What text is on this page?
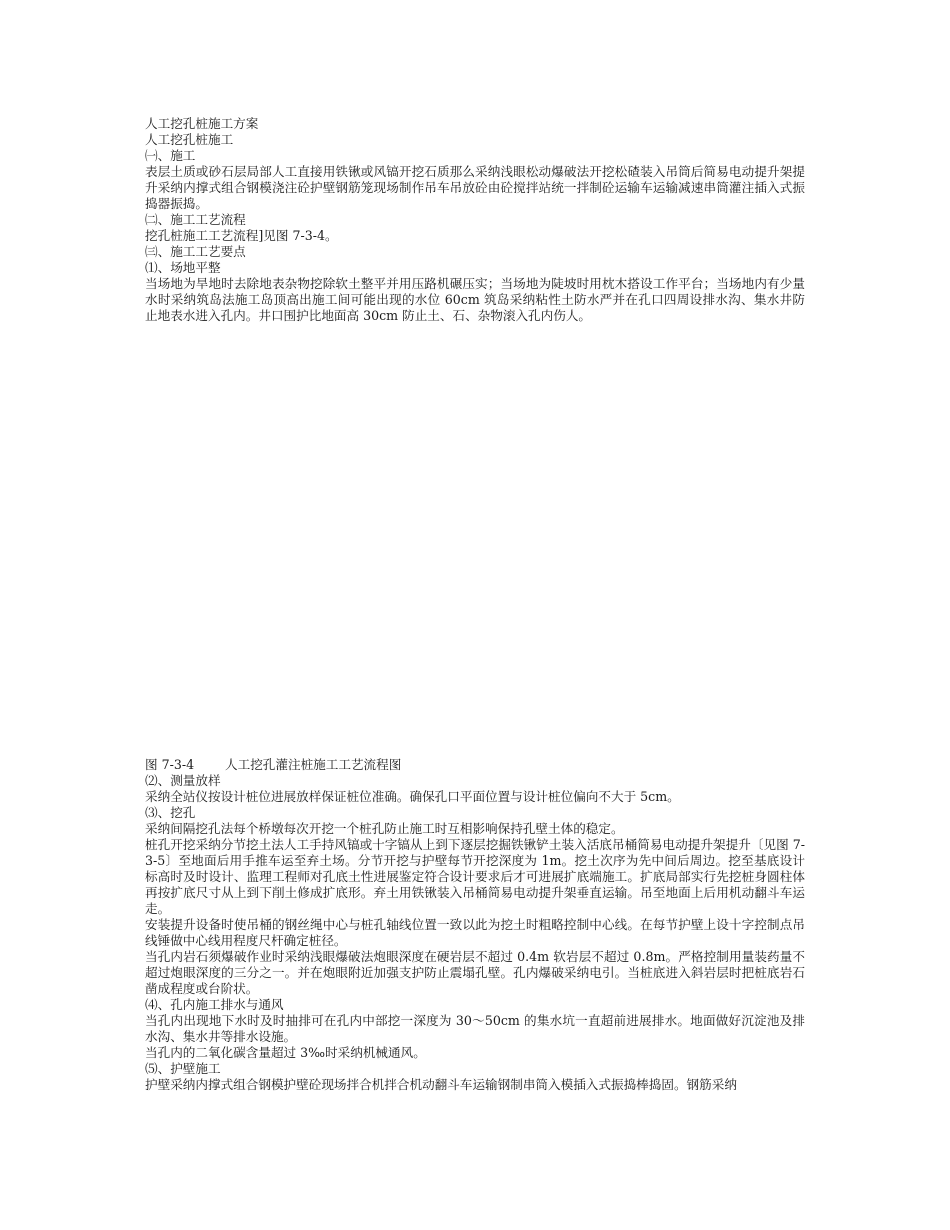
人工挖孔桩施工方案

人工挖孔桩施工

㈠、施工

表层土质或砂石层局部人工直接用铁锹或风镐开挖石质那么采纳浅眼松动爆破法开挖松碴装入吊筒后简易电动提升架提升采纳内撑式组合钢模浇注砼护壁钢筋笼现场制作吊车吊放砼由砼搅拌站统一拌制砼运输车运输减速串筒灌注插入式振捣器振捣。

㈡、施工工艺流程

挖孔桩施工工艺流程]见图 7-3-4。

㈢、施工工艺要点

⑴、场地平整

当场地为旱地时去除地表杂物挖除软土整平并用压路机碾压实；当场地为陡坡时用枕木搭设工作平台；当场地内有少量水时采纳筑岛法施工岛顶高出施工间可能出现的水位 60cm 筑岛采纳粘性土防水严并在孔口四周设排水沟、集水井防止地表水进入孔内。井口围护比地面高 30cm 防止土、石、杂物滚入孔内伤人。

图 7-3-4 人工挖孔灌注桩施工工艺流程图

⑵、测量放样

采纳全站仪按设计桩位进展放样保证桩位准确。确保孔口平面位置与设计桩位偏向不大于 5cm。

⑶、挖孔

采纳间隔挖孔法每个桥墩每次开挖一个桩孔防止施工时互相影响保持孔壁土体的稳定。

桩孔开挖采纳分节挖土法人工手持风镐或十字镐从上到下逐层挖掘铁锹铲土装入活底吊桶简易电动提升架提升〔见图 7-3-5〕至地面后用手推车运至弃土场。分节开挖与护壁每节开挖深度为 1m。挖土次序为先中间后周边。挖至基底设计标高时及时设计、监理工程师对孔底土性进展鉴定符合设计要求后才可进展扩底端施工。扩底局部实行先挖桩身圆柱体再按扩底尺寸从上到下削土修成扩底形。弃土用铁锹装入吊桶简易电动提升架垂直运输。吊至地面上后用机动翻斗车运走。

安装提升设备时使吊桶的钢丝绳中心与桩孔轴线位置一致以此为挖土时粗略控制中心线。在每节护壁上设十字控制点吊线锤做中心线用程度尺杆确定桩径。

当孔内岩石须爆破作业时采纳浅眼爆破法炮眼深度在硬岩层不超过 0.4m 软岩层不超过 0.8m。严格控制用量装药量不超过炮眼深度的三分之一。并在炮眼附近加强支护防止震塌孔壁。孔内爆破采纳电引。当桩底进入斜岩层时把桩底岩石凿成程度或台阶状。

⑷、孔内施工排水与通风

当孔内出现地下水时及时抽排可在孔内中部挖一深度为 30～50cm 的集水坑一直超前进展排水。地面做好沉淀池及排水沟、集水井等排水设施。

当孔内的二氧化碳含量超过 3‰时采纳机械通风。

⑸、护壁施工

护壁采纳内撑式组合钢模护壁砼现场拌合机拌合机动翻斗车运输钢制串筒入模插入式振捣棒捣固。钢筋采纳
